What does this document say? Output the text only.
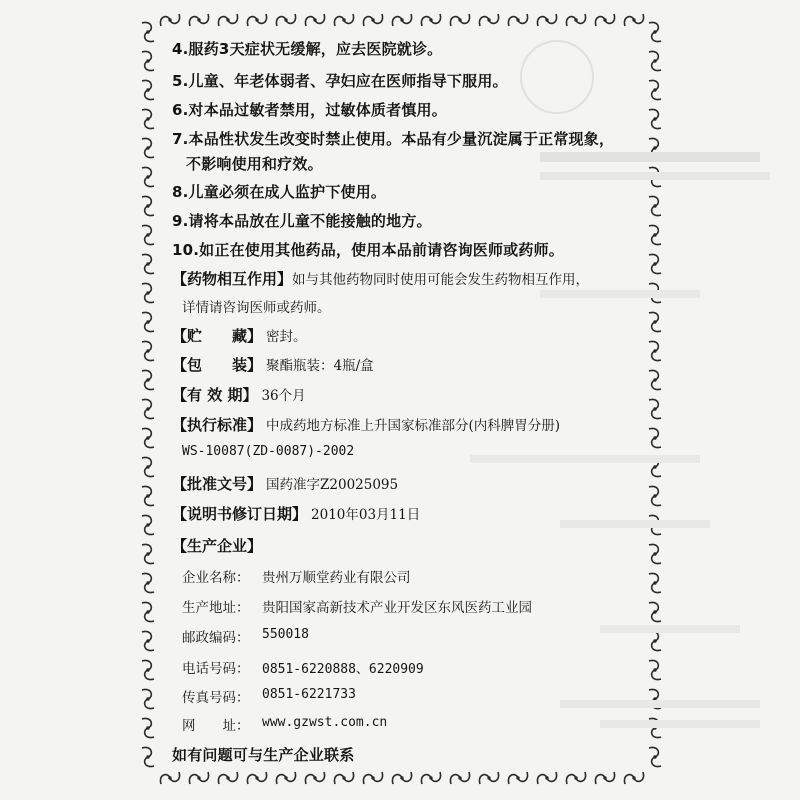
4.服药3天症状无缓解，应去医院就诊。
5.儿童、年老体弱者、孕妇应在医师指导下服用。
6.对本品过敏者禁用，过敏体质者慎用。
7.本品性状发生改变时禁止使用。本品有少量沉淀属于正常现象，
不影响使用和疗效。
8.儿童必须在成人监护下使用。
9.请将本品放在儿童不能接触的地方。
10.如正在使用其他药品，使用本品前请咨询医师或药师。
【药物相互作用】 如与其他药物同时使用可能会发生药物相互作用，
详情请咨询医师或药师。
【贮　　藏】 密封。
【包　　装】 聚酯瓶装：4瓶/盒
【有 效 期】 36个月
【执行标准】 中成药地方标准上升国家标准部分(内科脾胃分册)
WS-10087(ZD-0087)-2002
【批准文号】 国药准字Z20025095
【说明书修订日期】 2010年03月11日
【生产企业】
企业名称： 贵州万顺堂药业有限公司
生产地址： 贵阳国家高新技术产业开发区东风医药工业园
邮政编码： 550018
电话号码： 0851-6220888、6220909
传真号码： 0851-6221733
网　　址： www.gzwst.com.cn
如有问题可与生产企业联系
